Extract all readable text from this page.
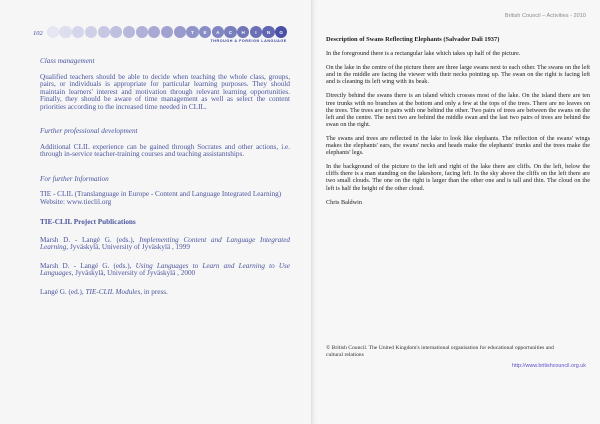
102	T E A C H I N G
THROUGH A FOREIGN LANGUAGE
Class management

Qualified teachers should be able to decide when teaching the whole class, groups, pairs, or individuals is appropriate for particular learning purposes. They should maintain learners' interest and motivation through relevant learning opportunities. Finally, they should be aware of time management as well as select the content priorities according to the increased time needed in CLIL.

Further professional development

Additional CLIL experience can be gained through Socrates and other actions, i.e. through in-service teacher-training courses and teaching assistantships.

For further Information
TIE - CLIL (Translanguage in Europe - Content and Language Integrated Learning)
Website: www.tieclil.org
TIE-CLIL Project Publications
Marsh D. - Langé G. (eds.), Implementing Content and Language Integrated Learning, Jyväskylä, University of Jyväskylä , 1999
Marsh D. - Langé G. (eds.), Using Languages to Learn and Learning to Use Languages, Jyväskylä, University of Jyväskylä , 2000
Langé G. (ed.), TIE-CLIL Modules, in press.
British Council – Activities - 2010
Description of Swans Reflecting Elephants (Salvador Dali 1937)

In the foreground there is a rectangular lake which takes up half of the picture.

On the lake in the centre of the picture there are three large swans next to each other. The swans on the left and in the middle are facing the viewer with their necks pointing up. The swan on the right is facing left and is cleaning its left wing with its beak.

Directly behind the swans there is an island which crosses most of the lake. On the island there are ten tree trunks with no branches at the bottom and only a few at the tops of the trees. There are no leaves on the trees. The trees are in pairs with one behind the other. Two pairs of trees are between the swans on the left and the centre. The next two are behind the middle swan and the last two pairs of trees are behind the swan on the right.

The swans and trees are reflected in the lake to look like elephants. The reflection of the swans' wings makes the elephants' ears, the swans' necks and heads make the elephants' trunks and the trees make the elephants' legs.

In the background of the picture to the left and right of the lake there are cliffs. On the left, below the cliffs there is a man standing on the lakeshore, facing left. In the sky above the cliffs on the left there are two small clouds. The one on the right is larger than the other one and is tall and thin. The cloud on the left is half the height of the other cloud.

Chris Baldwin

© British Council. The United Kingdom's international organisation for educational opportunities and cultural relations
http://www.britishcouncil.org.uk
